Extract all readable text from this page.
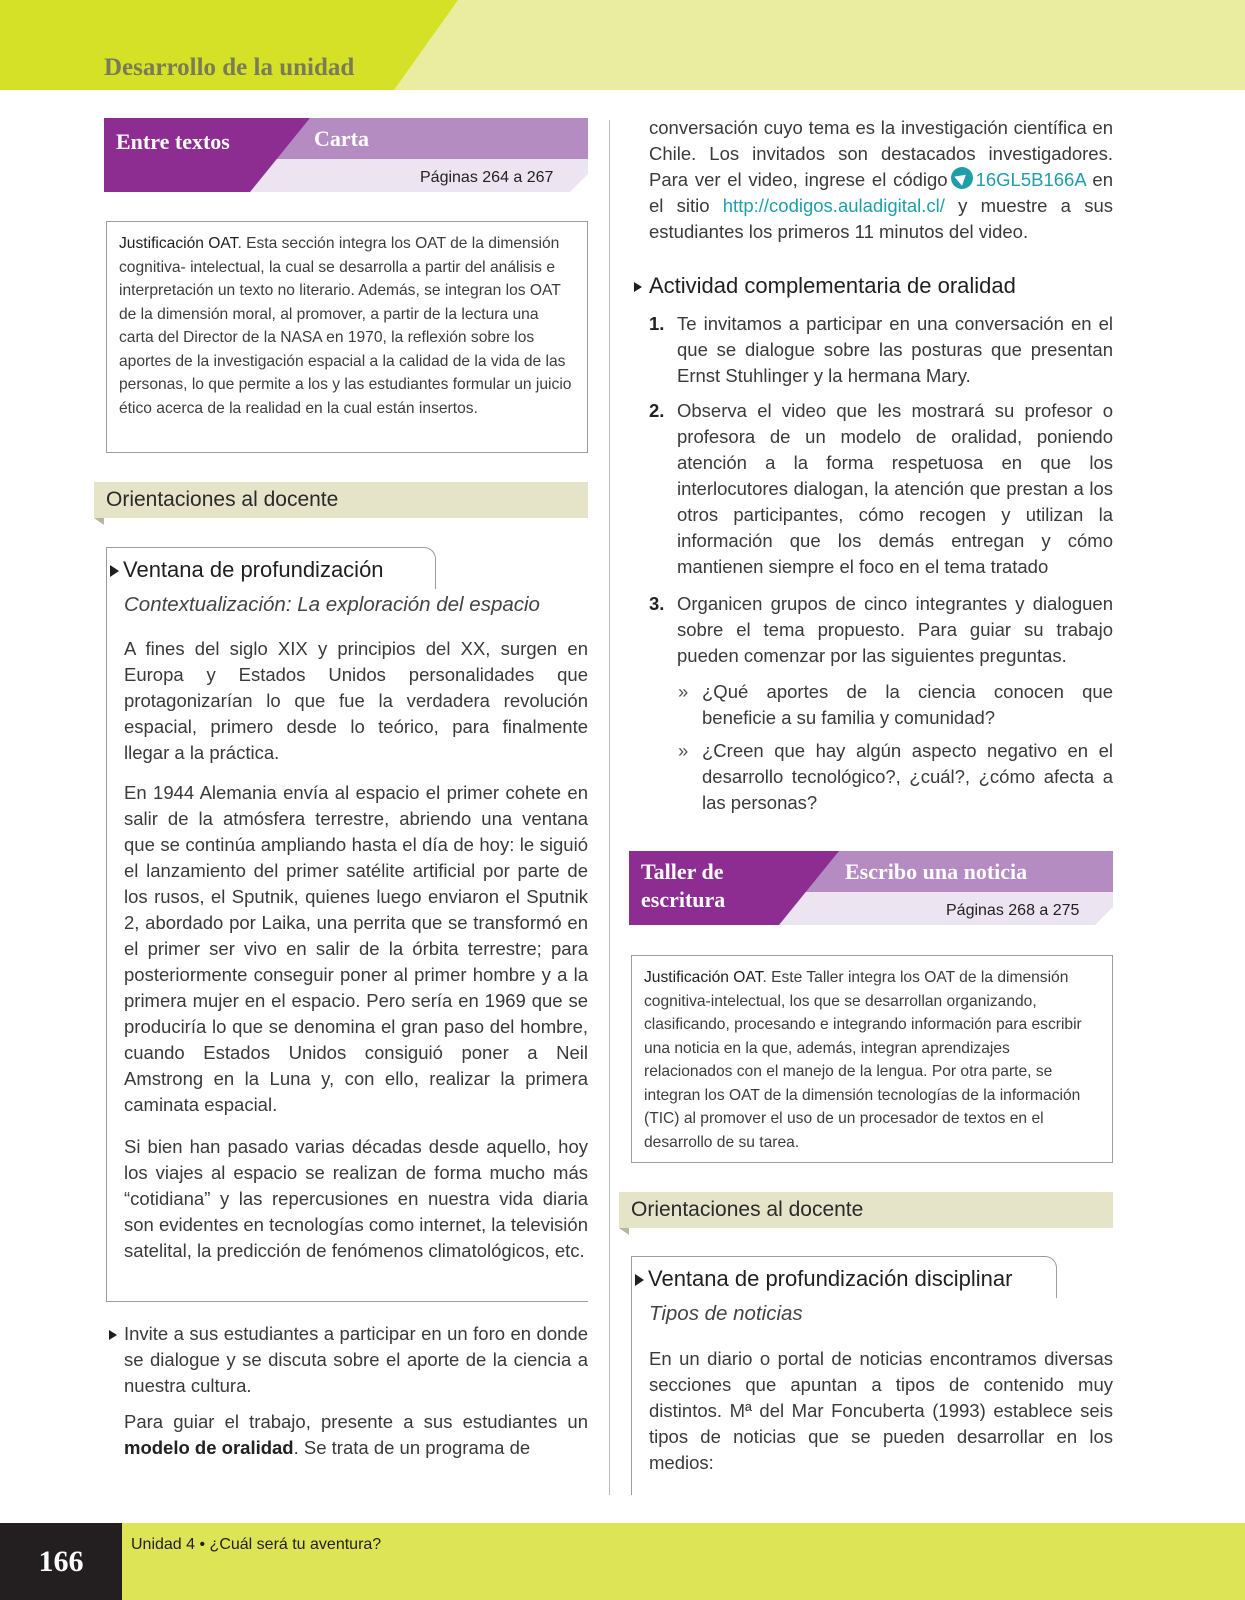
Desarrollo de la unidad
Entre textos	Carta
Páginas 264 a 267
Justificación OAT. Esta sección integra los OAT de la dimensión cognitiva- intelectual, la cual se desarrolla a partir del análisis e interpretación un texto no literario. Además, se integran los OAT de la dimensión moral, al promover, a partir de la lectura una carta del Director de la NASA en 1970, la reflexión sobre los aportes de la investigación espacial a la calidad de la vida de las personas, lo que permite a los y las estudiantes formular un juicio ético acerca de la realidad en la cual están insertos.
Orientaciones al docente
Ventana de profundización
Contextualización: La exploración del espacio
A fines del siglo XIX y principios del XX, surgen en Europa y Estados Unidos personalidades que protagonizarían lo que fue la verdadera revolución espacial, primero desde lo teórico, para finalmente llegar a la práctica.
En 1944 Alemania envía al espacio el primer cohete en salir de la atmósfera terrestre, abriendo una ventana que se continúa ampliando hasta el día de hoy: le siguió el lanzamiento del primer satélite artificial por parte de los rusos, el Sputnik, quienes luego enviaron el Sputnik 2, abordado por Laika, una perrita que se transformó en el primer ser vivo en salir de la órbita terrestre; para posteriormente conseguir poner al primer hombre y a la primera mujer en el espacio. Pero sería en 1969 que se produciría lo que se denomina el gran paso del hombre, cuando Estados Unidos consiguió poner a Neil Amstrong en la Luna y, con ello, realizar la primera caminata espacial.
Si bien han pasado varias décadas desde aquello, hoy los viajes al espacio se realizan de forma mucho más “cotidiana” y las repercusiones en nuestra vida diaria son evidentes en tecnologías como internet, la televisión satelital, la predicción de fenómenos climatológicos, etc.
Invite a sus estudiantes a participar en un foro en donde se dialogue y se discuta sobre el aporte de la ciencia a nuestra cultura.
Para guiar el trabajo, presente a sus estudiantes un modelo de oralidad. Se trata de un programa de
conversación cuyo tema es la investigación científica en Chile. Los invitados son destacados investigadores. Para ver el video, ingrese el código 16GL5B166A en el sitio http://codigos.auladigital.cl/ y muestre a sus estudiantes los primeros 11 minutos del video.
Actividad complementaria de oralidad
1. Te invitamos a participar en una conversación en el que se dialogue sobre las posturas que presentan Ernst Stuhlinger y la hermana Mary.
2. Observa el video que les mostrará su profesor o profesora de un modelo de oralidad, poniendo atención a la forma respetuosa en que los interlocutores dialogan, la atención que prestan a los otros participantes, cómo recogen y utilizan la información que los demás entregan y cómo mantienen siempre el foco en el tema tratado
3. Organicen grupos de cinco integrantes y dialoguen sobre el tema propuesto. Para guiar su trabajo pueden comenzar por las siguientes preguntas.
» ¿Qué aportes de la ciencia conocen que beneficie a su familia y comunidad?
» ¿Creen que hay algún aspecto negativo en el desarrollo tecnológico?, ¿cuál?, ¿cómo afecta a las personas?
Taller de
escritura
Escribo una noticia
Páginas 268 a 275
Justificación OAT. Este Taller integra los OAT de la dimensión cognitiva-intelectual, los que se desarrollan organizando, clasificando, procesando e integrando información para escribir una noticia en la que, además, integran aprendizajes relacionados con el manejo de la lengua. Por otra parte, se integran los OAT de la dimensión tecnologías de la información (TIC) al promover el uso de un procesador de textos en el desarrollo de su tarea.
Orientaciones al docente
Ventana de profundización disciplinar
Tipos de noticias
En un diario o portal de noticias encontramos diversas secciones que apuntan a tipos de contenido muy distintos. Mª del Mar Foncuberta (1993) establece seis tipos de noticias que se pueden desarrollar en los medios:
166	Unidad 4 • ¿Cuál será tu aventura?
